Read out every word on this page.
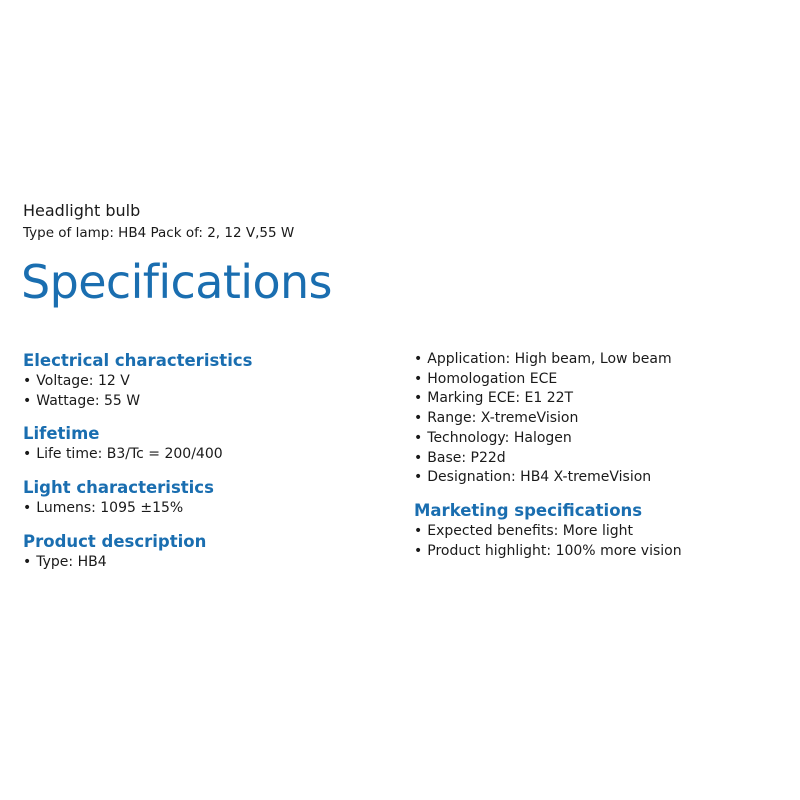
Headlight bulb
Type of lamp: HB4 Pack of: 2, 12 V,55 W
Specifications
Electrical characteristics
• Voltage: 12 V
• Wattage: 55 W
Lifetime
• Life time: B3/Tc = 200/400
Light characteristics
• Lumens: 1095 ±15%
Product description
• Type: HB4
• Application: High beam, Low beam
• Homologation ECE
• Marking ECE: E1 22T
• Range: X-tremeVision
• Technology: Halogen
• Base: P22d
• Designation: HB4 X-tremeVision
Marketing specifications
• Expected benefits: More light
• Product highlight: 100% more vision
